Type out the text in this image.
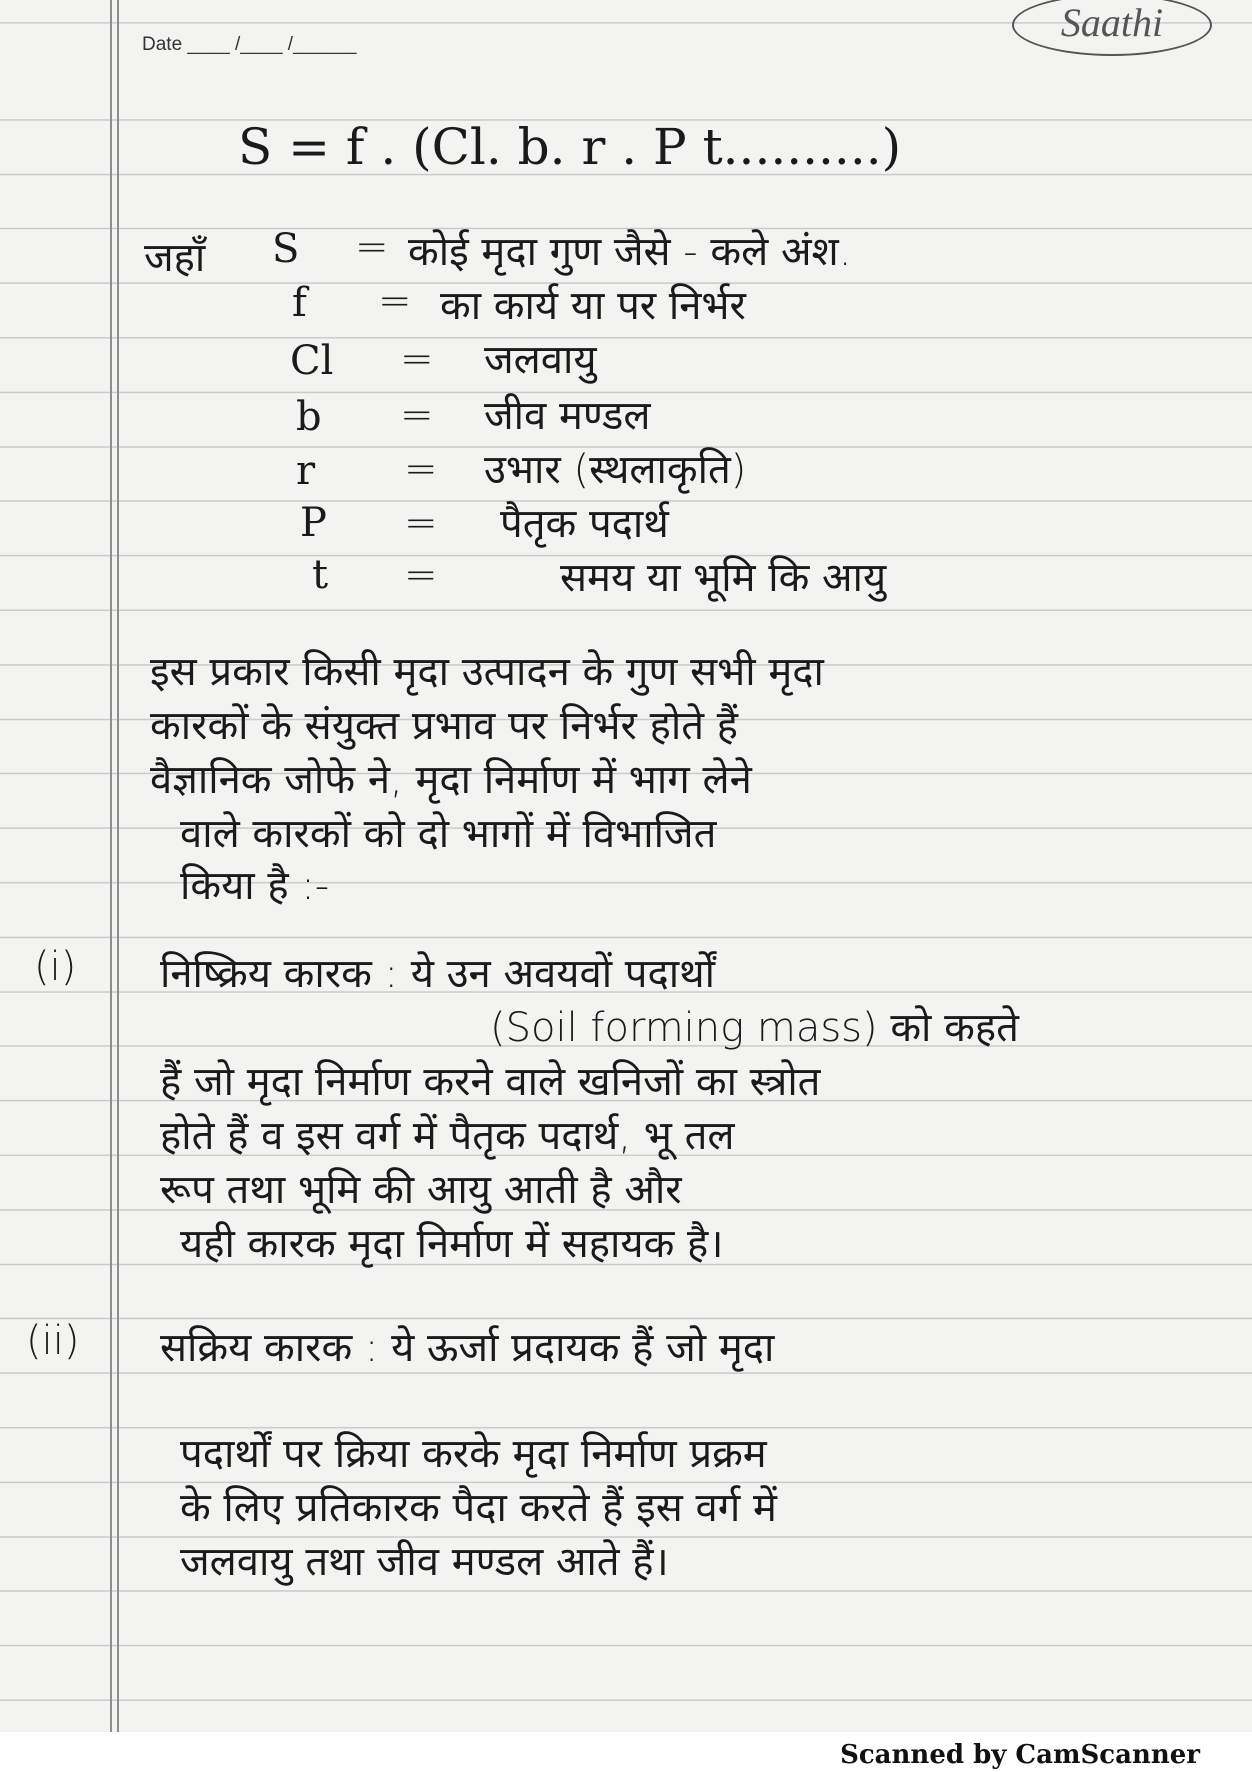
Date ____ /____ /______	Saathi
S = f . (Cl. b. r . P t..........)
जहाँ S = कोई मृदा गुण जैसे - कले अंश.
f = का कार्य या पर निर्भर
Cl = जलवायु
b = जीव मण्डल
r = उभार (स्थलाकृति)
P = पैतृक पदार्थ
t =	समय या भूमि कि आयु
इस प्रकार किसी मृदा उत्पादन के गुण सभी मृदा
कारकों के संयुक्त प्रभाव पर निर्भर होते हैं
वैज्ञानिक जोफे ने, मृदा निर्माण में भाग लेने
वाले कारकों को दो भागों में विभाजित
किया है :-
(i) निष्क्रिय कारक : ये उन अवयवों पदार्थों
(Soil forming mass) को कहते
हैं जो मृदा निर्माण करने वाले खनिजों का स्त्रोत
होते हैं व इस वर्ग में पैतृक पदार्थ, भू तल
रूप तथा भूमि की आयु आती है और
यही कारक मृदा निर्माण में सहायक है।
(ii) सक्रिय कारक : ये ऊर्जा प्रदायक हैं जो मृदा
पदार्थों पर क्रिया करके मृदा निर्माण प्रक्रम
के लिए प्रतिकारक पैदा करते हैं इस वर्ग में
जलवायु तथा जीव मण्डल आते हैं।
Scanned by CamScanner
